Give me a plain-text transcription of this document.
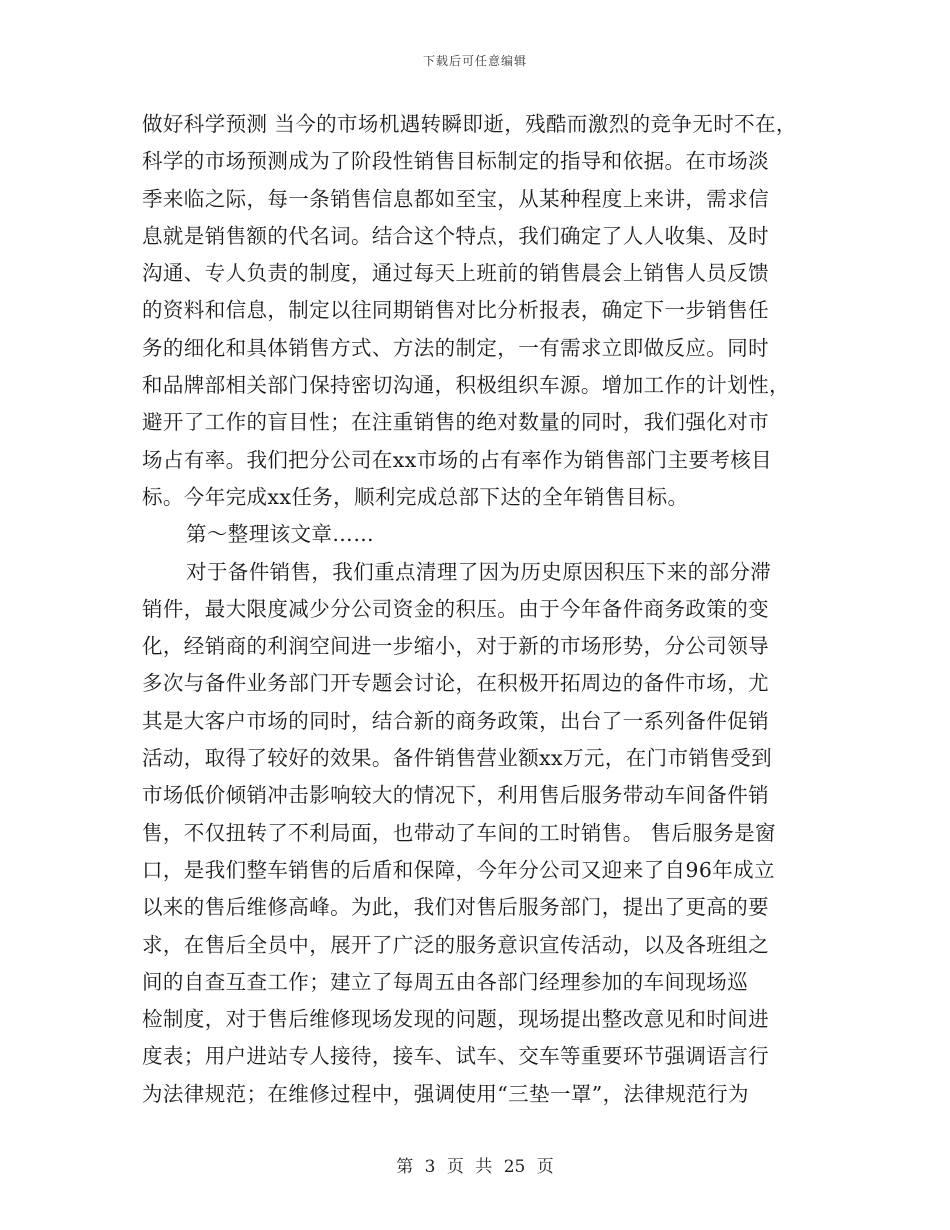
下载后可任意编辑
做好科学预测 当今的市场机遇转瞬即逝，残酷而激烈的竞争无时不在，
科学的市场预测成为了阶段性销售目标制定的指导和依据。在市场淡
季来临之际，每一条销售信息都如至宝，从某种程度上来讲，需求信
息就是销售额的代名词。结合这个特点，我们确定了人人收集、及时
沟通、专人负责的制度，通过每天上班前的销售晨会上销售人员反馈
的资料和信息，制定以往同期销售对比分析报表，确定下一步销售任
务的细化和具体销售方式、方法的制定，一有需求立即做反应。同时
和品牌部相关部门保持密切沟通，积极组织车源。增加工作的计划性，
避开了工作的盲目性；在注重销售的绝对数量的同时，我们强化对市
场占有率。我们把分公司在xx市场的占有率作为销售部门主要考核目
标。今年完成xx任务，顺利完成总部下达的全年销售目标。
第～整理该文章……
对于备件销售，我们重点清理了因为历史原因积压下来的部分滞
销件，最大限度减少分公司资金的积压。由于今年备件商务政策的变
化，经销商的利润空间进一步缩小，对于新的市场形势，分公司领导
多次与备件业务部门开专题会讨论，在积极开拓周边的备件市场，尤
其是大客户市场的同时，结合新的商务政策，出台了一系列备件促销
活动，取得了较好的效果。备件销售营业额xx万元，在门市销售受到
市场低价倾销冲击影响较大的情况下，利用售后服务带动车间备件销
售，不仅扭转了不利局面，也带动了车间的工时销售。 售后服务是窗
口，是我们整车销售的后盾和保障，今年分公司又迎来了自96年成立
以来的售后维修高峰。为此，我们对售后服务部门，提出了更高的要
求，在售后全员中，展开了广泛的服务意识宣传活动，以及各班组之
间的自查互查工作；建立了每周五由各部门经理参加的车间现场巡
检制度，对于售后维修现场发现的问题，现场提出整改意见和时间进
度表；用户进站专人接待，接车、试车、交车等重要环节强调语言行
为法律规范；在维修过程中，强调使用“三垫一罩”，法律规范行为
第 3 页 共 25 页
